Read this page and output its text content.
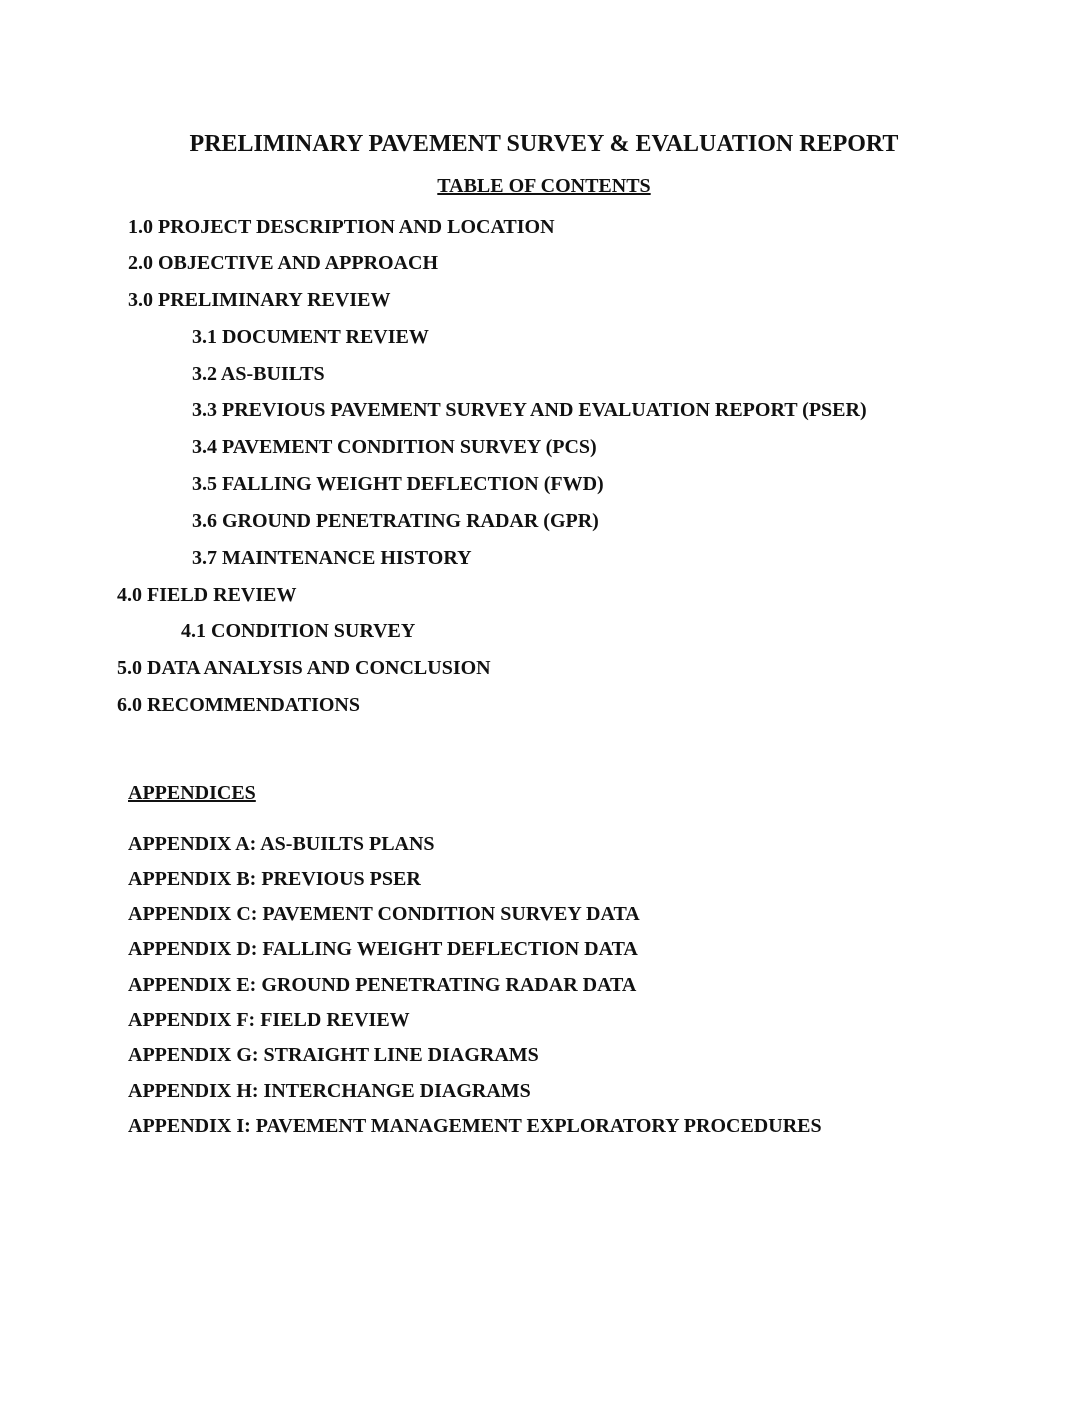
PRELIMINARY PAVEMENT SURVEY & EVALUATION REPORT
TABLE OF CONTENTS
1.0 PROJECT DESCRIPTION AND LOCATION
2.0 OBJECTIVE AND APPROACH
3.0 PRELIMINARY REVIEW
3.1 DOCUMENT REVIEW
3.2 AS-BUILTS
3.3 PREVIOUS PAVEMENT SURVEY AND EVALUATION REPORT (PSER)
3.4 PAVEMENT CONDITION SURVEY (PCS)
3.5 FALLING WEIGHT DEFLECTION (FWD)
3.6 GROUND PENETRATING RADAR (GPR)
3.7 MAINTENANCE HISTORY
4.0 FIELD REVIEW
4.1 CONDITION SURVEY
5.0 DATA ANALYSIS AND CONCLUSION
6.0 RECOMMENDATIONS
APPENDICES
APPENDIX A: AS-BUILTS PLANS
APPENDIX B: PREVIOUS PSER
APPENDIX C: PAVEMENT CONDITION SURVEY DATA
APPENDIX D: FALLING WEIGHT DEFLECTION DATA
APPENDIX E: GROUND PENETRATING RADAR DATA
APPENDIX F: FIELD REVIEW
APPENDIX G: STRAIGHT LINE DIAGRAMS
APPENDIX H: INTERCHANGE DIAGRAMS
APPENDIX I: PAVEMENT MANAGEMENT EXPLORATORY PROCEDURES
